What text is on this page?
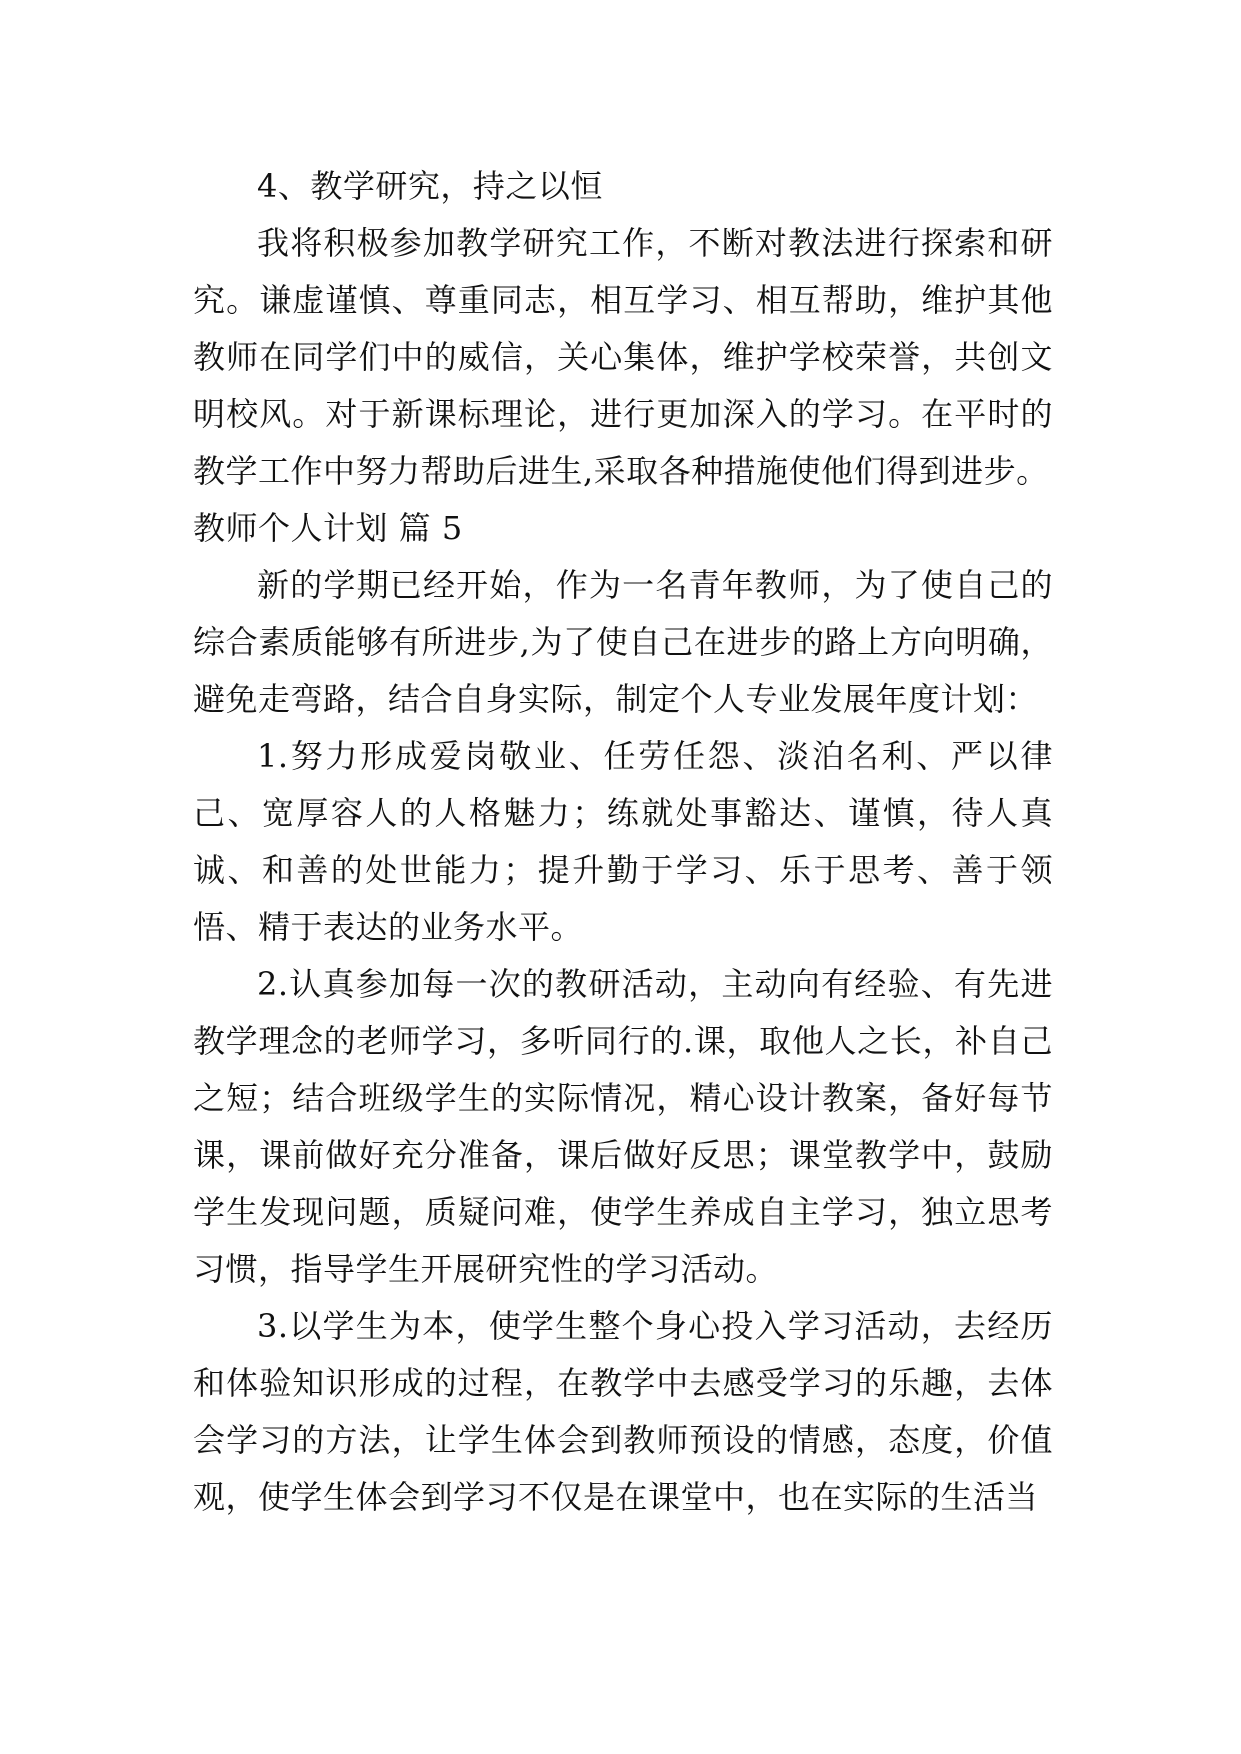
4、教学研究，持之以恒

我将积极参加教学研究工作，不断对教法进行探索和研究。谦虚谨慎、尊重同志，相互学习、相互帮助，维护其他教师在同学们中的威信，关心集体，维护学校荣誉，共创文明校风。对于新课标理论，进行更加深入的学习。在平时的教学工作中努力帮助后进生,采取各种措施使他们得到进步。

教师个人计划 篇 5

新的学期已经开始，作为一名青年教师，为了使自己的综合素质能够有所进步,为了使自己在进步的路上方向明确，避免走弯路，结合自身实际，制定个人专业发展年度计划：

1.努力形成爱岗敬业、任劳任怨、淡泊名利、严以律己、宽厚容人的人格魅力；练就处事豁达、谨慎，待人真诚、和善的处世能力；提升勤于学习、乐于思考、善于领悟、精于表达的业务水平。

2.认真参加每一次的教研活动，主动向有经验、有先进教学理念的老师学习，多听同行的.课，取他人之长，补自己之短；结合班级学生的实际情况，精心设计教案，备好每节课，课前做好充分准备，课后做好反思；课堂教学中，鼓励学生发现问题，质疑问难，使学生养成自主学习，独立思考习惯，指导学生开展研究性的学习活动。

3.以学生为本，使学生整个身心投入学习活动，去经历和体验知识形成的过程，在教学中去感受学习的乐趣，去体会学习的方法，让学生体会到教师预设的情感，态度，价值观，使学生体会到学习不仅是在课堂中，也在实际的生活当
